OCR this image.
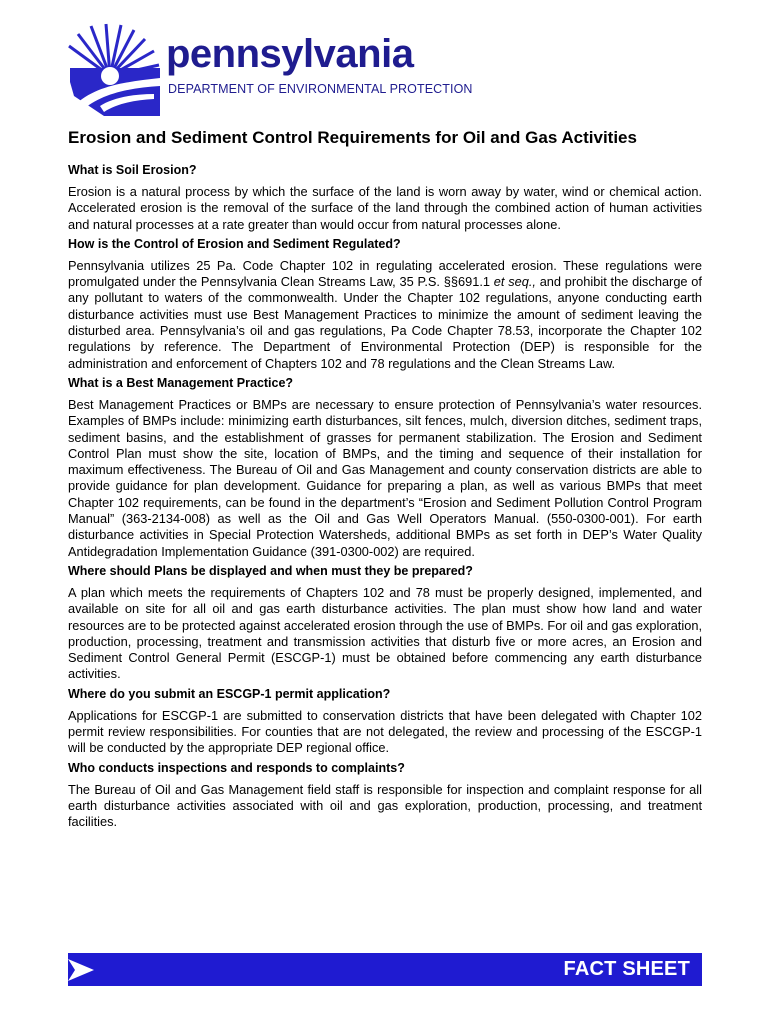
pennsylvania
DEPARTMENT OF ENVIRONMENTAL PROTECTION
Erosion and Sediment Control Requirements for Oil and Gas Activities
What is Soil Erosion?

Erosion is a natural process by which the surface of the land is worn away by water, wind or chemical action. Accelerated erosion is the removal of the surface of the land through the combined action of human activities and natural processes at a rate greater than would occur from natural processes alone.

How is the Control of Erosion and Sediment Regulated?

Pennsylvania utilizes 25 Pa. Code Chapter 102 in regulating accelerated erosion. These regulations were promulgated under the Pennsylvania Clean Streams Law, 35 P.S. §§691.1 et seq., and prohibit the discharge of any pollutant to waters of the commonwealth. Under the Chapter 102 regulations, anyone conducting earth disturbance activities must use Best Management Practices to minimize the amount of sediment leaving the disturbed area. Pennsylvania’s oil and gas regulations, Pa Code Chapter 78.53, incorporate the Chapter 102 regulations by reference. The Department of Environmental Protection (DEP) is responsible for the administration and enforcement of Chapters 102 and 78 regulations and the Clean Streams Law.

What is a Best Management Practice?

Best Management Practices or BMPs are necessary to ensure protection of Pennsylvania’s water resources. Examples of BMPs include: minimizing earth disturbances, silt fences, mulch, diversion ditches, sediment traps, sediment basins, and the establishment of grasses for permanent stabilization. The Erosion and Sediment Control Plan must show the site, location of BMPs, and the timing and sequence of their installation for maximum effectiveness. The Bureau of Oil and Gas Management and county conservation districts are able to provide guidance for plan development. Guidance for preparing a plan, as well as various BMPs that meet Chapter 102 requirements, can be found in the department’s “Erosion and Sediment Pollution Control Program Manual” (363-2134-008) as well as the Oil and Gas Well Operators Manual. (550-0300-001). For earth disturbance activities in Special Protection Watersheds, additional BMPs as set forth in DEP’s Water Quality Antidegradation Implementation Guidance (391-0300-002) are required.

Where should Plans be displayed and when must they be prepared?

A plan which meets the requirements of Chapters 102 and 78 must be properly designed, implemented, and available on site for all oil and gas earth disturbance activities. The plan must show how land and water resources are to be protected against accelerated erosion through the use of BMPs. For oil and gas exploration, production, processing, treatment and transmission activities that disturb five or more acres, an Erosion and Sediment Control General Permit (ESCGP-1) must be obtained before commencing any earth disturbance activities.

Where do you submit an ESCGP-1 permit application?

Applications for ESCGP-1 are submitted to conservation districts that have been delegated with Chapter 102 permit review responsibilities. For counties that are not delegated, the review and processing of the ESCGP-1 will be conducted by the appropriate DEP regional office.

Who conducts inspections and responds to complaints?

The Bureau of Oil and Gas Management field staff is responsible for inspection and complaint response for all earth disturbance activities associated with oil and gas exploration, production, processing, and treatment facilities.

FACT SHEET
